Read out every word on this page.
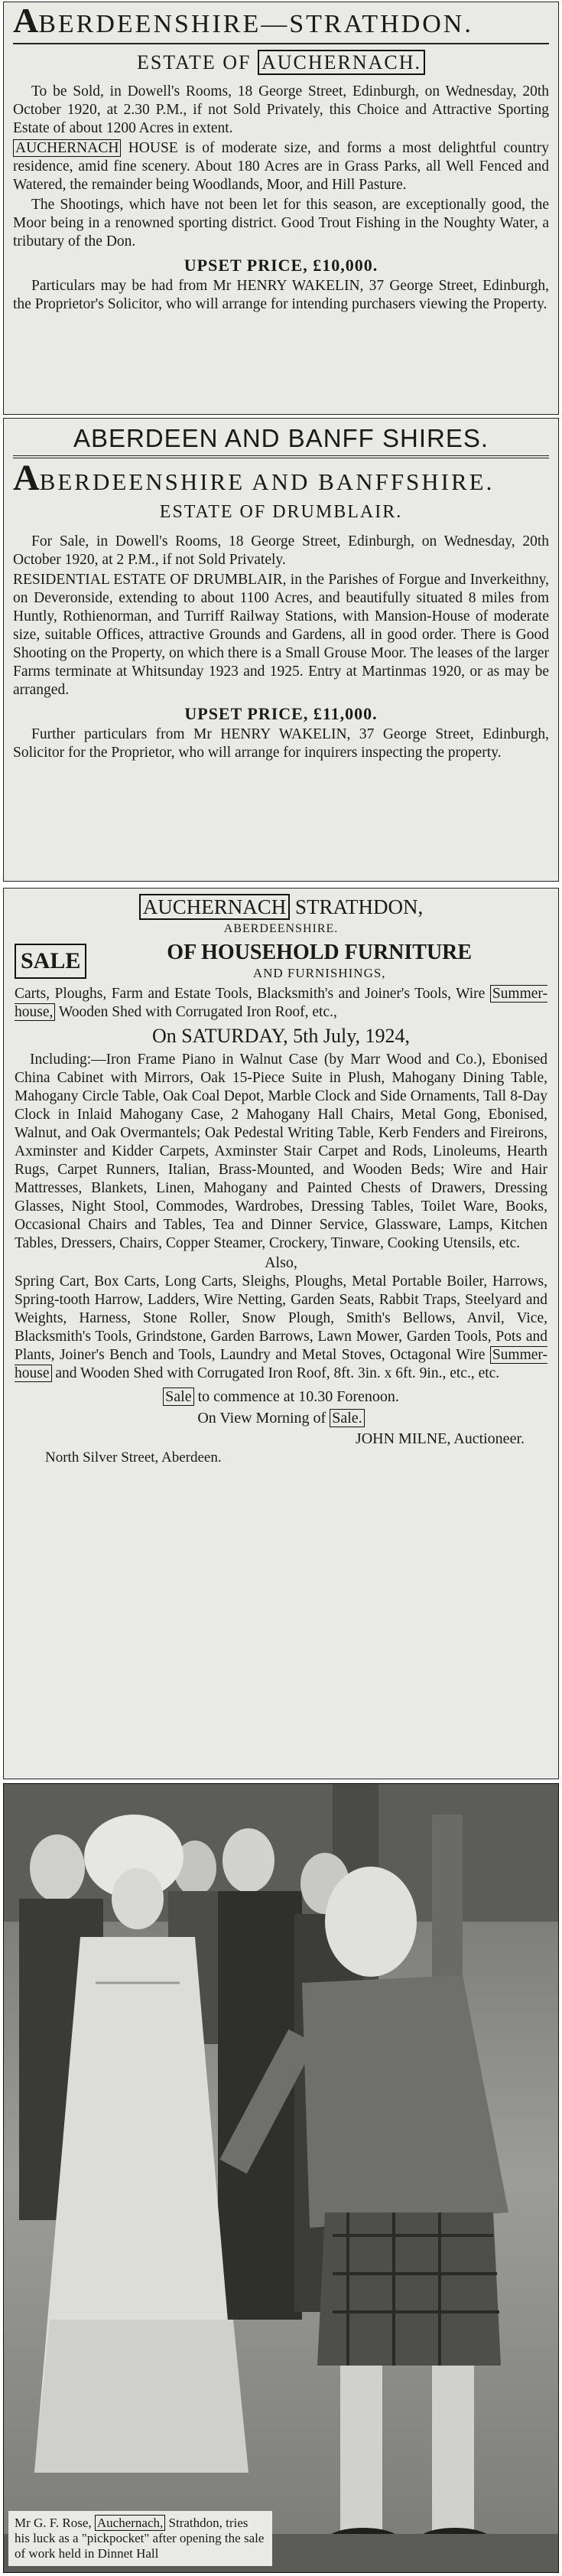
ABERDEENSHIRE—STRATHDON.
ESTATE OF AUCHERNACH.

To be Sold, in Dowell's Rooms, 18 George Street, Edinburgh, on Wednesday, 20th October 1920, at 2.30 P.M., if not Sold Privately, this Choice and Attractive Sporting Estate of about 1200 Acres in extent.

AUCHERNACH HOUSE is of moderate size, and forms a most delightful country residence, amid fine scenery. About 180 Acres are in Grass Parks, all Well Fenced and Watered, the remainder being Woodlands, Moor, and Hill Pasture.

The Shootings, which have not been let for this season, are exceptionally good, the Moor being in a renowned sporting district. Good Trout Fishing in the Noughty Water, a tributary of the Don.

UPSET PRICE, £10,000.

Particulars may be had from Mr HENRY WAKELIN, 37 George Street, Edinburgh, the Proprietor's Solicitor, who will arrange for intending purchasers viewing the Property.

ABERDEEN AND BANFF SHIRES.
ABERDEENSHIRE AND BANFFSHIRE.
ESTATE OF DRUMBLAIR.

For Sale, in Dowell's Rooms, 18 George Street, Edinburgh, on Wednesday, 20th October 1920, at 2 P.M., if not Sold Privately.

RESIDENTIAL ESTATE OF DRUMBLAIR, in the Parishes of Forgue and Inverkeithny, on Deveronside, extending to about 1100 Acres, and beautifully situated 8 miles from Huntly, Rothienorman, and Turriff Railway Stations, with Mansion-House of moderate size, suitable Offices, attractive Grounds and Gardens, all in good order. There is Good Shooting on the Property, on which there is a Small Grouse Moor. The leases of the larger Farms terminate at Whitsunday 1923 and 1925. Entry at Martinmas 1920, or as may be arranged.

UPSET PRICE, £11,000.

Further particulars from Mr HENRY WAKELIN, 37 George Street, Edinburgh, Solicitor for the Proprietor, who will arrange for inquirers inspecting the property.

AUCHERNACH STRATHDON,
ABERDEENSHIRE.
SALE	OF HOUSEHOLD FURNITURE
AND FURNISHINGS,

Carts, Ploughs, Farm and Estate Tools, Blacksmith's and Joiner's Tools, Wire Summer-house, Wooden Shed with Corrugated Iron Roof, etc.,

On SATURDAY, 5th July, 1924,

Including:—Iron Frame Piano in Walnut Case (by Marr Wood and Co.), Ebonised China Cabinet with Mirrors, Oak 15-Piece Suite in Plush, Mahogany Dining Table, Mahogany Circle Table, Oak Coal Depot, Marble Clock and Side Ornaments, Tall 8-Day Clock in Inlaid Mahogany Case, 2 Mahogany Hall Chairs, Metal Gong, Ebonised, Walnut, and Oak Overmantels; Oak Pedestal Writing Table, Kerb Fenders and Fireirons, Axminster and Kidder Carpets, Axminster Stair Carpet and Rods, Linoleums, Hearth Rugs, Carpet Runners, Italian, Brass-Mounted, and Wooden Beds; Wire and Hair Mattresses, Blankets, Linen, Mahogany and Painted Chests of Drawers, Dressing Glasses, Night Stool, Commodes, Wardrobes, Dressing Tables, Toilet Ware, Books, Occasional Chairs and Tables, Tea and Dinner Service, Glassware, Lamps, Kitchen Tables, Dressers, Chairs, Copper Steamer, Crockery, Tinware, Cooking Utensils, etc.

Also,

Spring Cart, Box Carts, Long Carts, Sleighs, Ploughs, Metal Portable Boiler, Harrows, Spring-tooth Harrow, Ladders, Wire Netting, Garden Seats, Rabbit Traps, Steelyard and Weights, Harness, Stone Roller, Snow Plough, Smith's Bellows, Anvil, Vice, Blacksmith's Tools, Grindstone, Garden Barrows, Lawn Mower, Garden Tools, Pots and Plants, Joiner's Bench and Tools, Laundry and Metal Stoves, Octagonal Wire Summer-house and Wooden Shed with Corrugated Iron Roof, 8ft. 3in. x 6ft. 9in., etc., etc.

Sale to commence at 10.30 Forenoon.

On View Morning of Sale.

JOHN MILNE, Auctioneer.

North Silver Street, Aberdeen.

Mr G. F. Rose, Auchernach, Strathdon, tries his luck as a "pickpocket" after opening the sale of work held in Dinnet Hall
